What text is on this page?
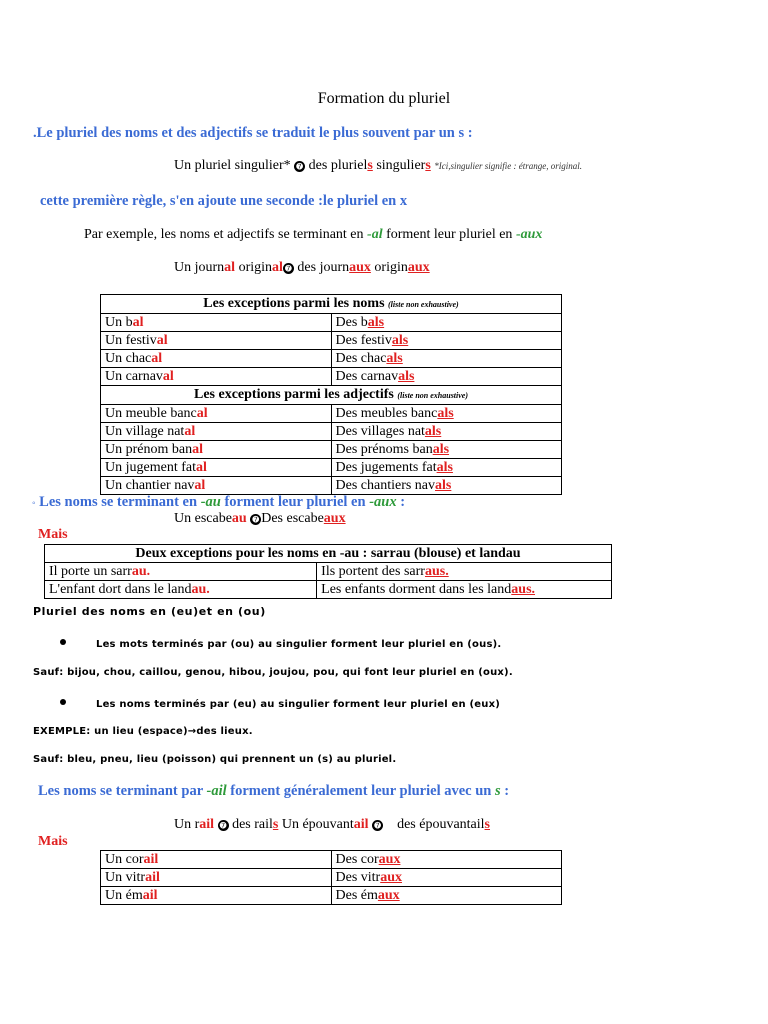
Formation du pluriel
.Le pluriel des noms et des adjectifs se traduit le plus souvent par un s :
Un pluriel singulier* ➐ des pluriels singuliers *Ici,singulier signifie : étrange, original.
cette première règle, s'en ajoute une seconde :le pluriel en x
Par exemple, les noms et adjectifs se terminant en -al forment leur pluriel en -aux
Un journal original ➐ des journaux originaux
Les exceptions parmi les noms (liste non exhaustive)	
Un bal	Des bals
Un festival	Des festivals
Un chacal	Des chacals
Un carnaval	Des carnavals
Les exceptions parmi les adjectifs (liste non exhaustive)	
Un meuble bancal	Des meubles bancals
Un village natal	Des villages natals
Un prénom banal	Des prénoms banals
Un jugement fatal	Des jugements fatals
Un chantier naval	Des chantiers navals
◦ Les noms se terminant en -au forment leur pluriel en -aux :
Un escabeau ➐ Des escabeaux
Mais
Deux exceptions pour les noms en -au : sarrau (blouse) et landau	
Il porte un sarrau.	Ils portent des sarraus.
L'enfant dort dans le landau.	Les enfants dorment dans les landaus.
Pluriel des noms en (eu)et en (ou)
Les mots terminés par (ou) au singulier forment leur pluriel en (ous).
Sauf: bijou, chou, caillou, genou, hibou, joujou, pou, qui font leur pluriel en (oux).
Les noms terminés par (eu) au singulier forment leur pluriel en (eux)
EXEMPLE: un lieu (espace)→des lieux.
Sauf: bleu, pneu, lieu (poisson) qui prennent un (s) au pluriel.
Les noms se terminant par -ail forment généralement leur pluriel avec un s :
Un rail ➐ des rails Un épouvantail ➐ des épouvantails
Mais
Un corail	Des coraux
Un vitrail	Des vitraux
Un émail	Des émaux
